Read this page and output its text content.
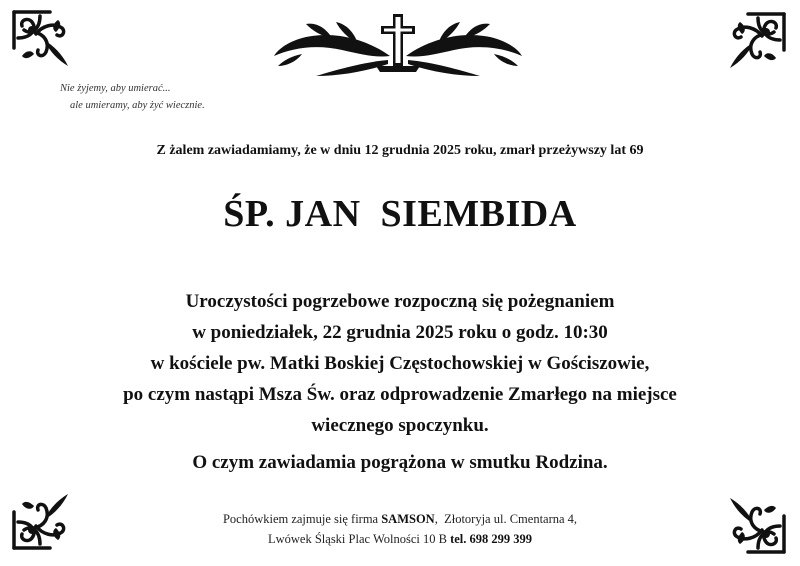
Nie żyjemy, aby umierać...
ale umieramy, aby żyć wiecznie.
Z żalem zawiadamiamy, że w dniu 12 grudnia 2025 roku, zmarł przeżywszy lat 69
ŚP. JAN  SIEMBIDA
Uroczystości pogrzebowe rozpoczną się pożegnaniem
w poniedziałek, 22 grudnia 2025 roku o godz. 10:30
w kościele pw. Matki Boskiej Częstochowskiej w Gościszowie,
po czym nastąpi Msza Św. oraz odprowadzenie Zmarłego na miejsce
wiecznego spoczynku.
O czym zawiadamia pogrążona w smutku Rodzina.
Pochówkiem zajmuje się firma SAMSON,  Złotoryja ul. Cmentarna 4,
Lwówek Śląski Plac Wolności 10 B tel. 698 299 399
